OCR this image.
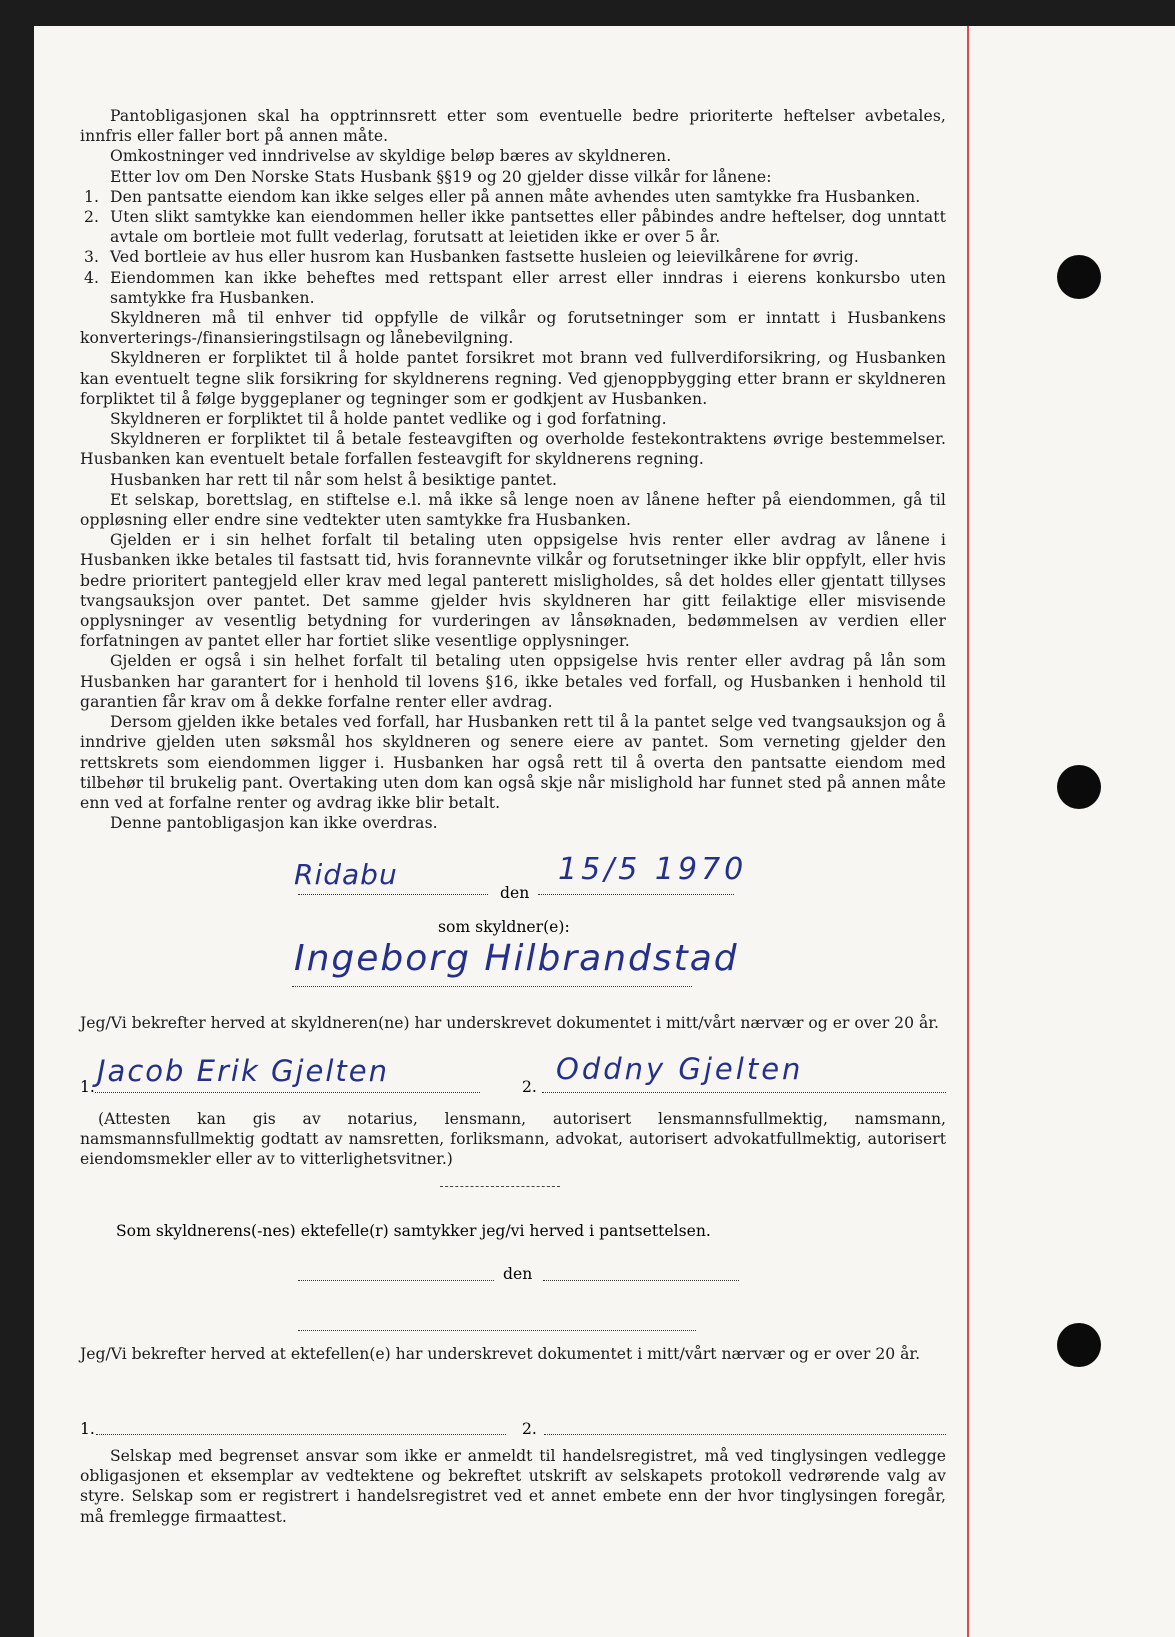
Pantobligasjonen skal ha opptrinnsrett etter som eventuelle bedre prioriterte heftelser avbetales, innfris eller faller bort på annen måte.

Omkostninger ved inndrivelse av skyldige beløp bæres av skyldneren.

Etter lov om Den Norske Stats Husbank §§19 og 20 gjelder disse vilkår for lånene:

1. Den pantsatte eiendom kan ikke selges eller på annen måte avhendes uten samtykke fra Husbanken.
2. Uten slikt samtykke kan eiendommen heller ikke pantsettes eller påbindes andre heftelser, dog unntatt avtale om bortleie mot fullt vederlag, forutsatt at leietiden ikke er over 5 år.
3. Ved bortleie av hus eller husrom kan Husbanken fastsette husleien og leievilkårene for øvrig.
4. Eiendommen kan ikke beheftes med rettspant eller arrest eller inndras i eierens konkursbo uten samtykke fra Husbanken.

Skyldneren må til enhver tid oppfylle de vilkår og forutsetninger som er inntatt i Husbankens konverterings-/finansieringstilsagn og lånebevilgning.

Skyldneren er forpliktet til å holde pantet forsikret mot brann ved fullverdiforsikring, og Husbanken kan eventuelt tegne slik forsikring for skyldnerens regning. Ved gjenoppbygging etter brann er skyldneren forpliktet til å følge byggeplaner og tegninger som er godkjent av Husbanken.

Skyldneren er forpliktet til å holde pantet vedlike og i god forfatning.

Skyldneren er forpliktet til å betale festeavgiften og overholde festekontraktens øvrige bestemmelser. Husbanken kan eventuelt betale forfallen festeavgift for skyldnerens regning.

Husbanken har rett til når som helst å besiktige pantet.

Et selskap, borettslag, en stiftelse e.l. må ikke så lenge noen av lånene hefter på eiendommen, gå til oppløsning eller endre sine vedtekter uten samtykke fra Husbanken.

Gjelden er i sin helhet forfalt til betaling uten oppsigelse hvis renter eller avdrag av lånene i Husbanken ikke betales til fastsatt tid, hvis forannevnte vilkår og forutsetninger ikke blir oppfylt, eller hvis bedre prioritert pantegjeld eller krav med legal panterett misligholdes, så det holdes eller gjentatt tillyses tvangsauksjon over pantet. Det samme gjelder hvis skyldneren har gitt feilaktige eller misvisende opplysninger av vesentlig betydning for vurderingen av lånsøknaden, bedømmelsen av verdien eller forfatningen av pantet eller har fortiet slike vesentlige opplysninger.

Gjelden er også i sin helhet forfalt til betaling uten oppsigelse hvis renter eller avdrag på lån som Husbanken har garantert for i henhold til lovens §16, ikke betales ved forfall, og Husbanken i henhold til garantien får krav om å dekke forfalne renter eller avdrag.

Dersom gjelden ikke betales ved forfall, har Husbanken rett til å la pantet selge ved tvangsauksjon og å inndrive gjelden uten søksmål hos skyldneren og senere eiere av pantet. Som verneting gjelder den rettskrets som eiendommen ligger i. Husbanken har også rett til å overta den pantsatte eiendom med tilbehør til brukelig pant. Overtaking uten dom kan også skje når mislighold har funnet sted på annen måte enn ved at forfalne renter og avdrag ikke blir betalt.

Denne pantobligasjon kan ikke overdras.

Ridabu
den
15/5 1970
som skyldner(e):
Ingeborg Hilbrandstad

Jeg/Vi bekrefter herved at skyldneren(ne) har underskrevet dokumentet i mitt/vårt nærvær og er over 20 år.

1. Jacob Erik Gjelten	2.
Oddny Gjelten

(Attesten kan gis av notarius, lensmann, autorisert lensmannsfullmektig, namsmann, namsmannsfullmektig godtatt av namsretten, forliksmann, advokat, autorisert advokatfullmektig, autorisert eiendomsmekler eller av to vitterlighetsvitner.)

Som skyldnerens(-nes) ektefelle(r) samtykker jeg/vi herved i pantsettelsen.
den

Jeg/Vi bekrefter herved at ektefellen(e) har underskrevet dokumentet i mitt/vårt nærvær og er over 20 år.

1.	2.

Selskap med begrenset ansvar som ikke er anmeldt til handelsregistret, må ved tinglysingen vedlegge obligasjonen et eksemplar av vedtektene og bekreftet utskrift av selskapets protokoll vedrørende valg av styre. Selskap som er registrert i handelsregistret ved et annet embete enn der hvor tinglysingen foregår, må fremlegge firmaattest.
